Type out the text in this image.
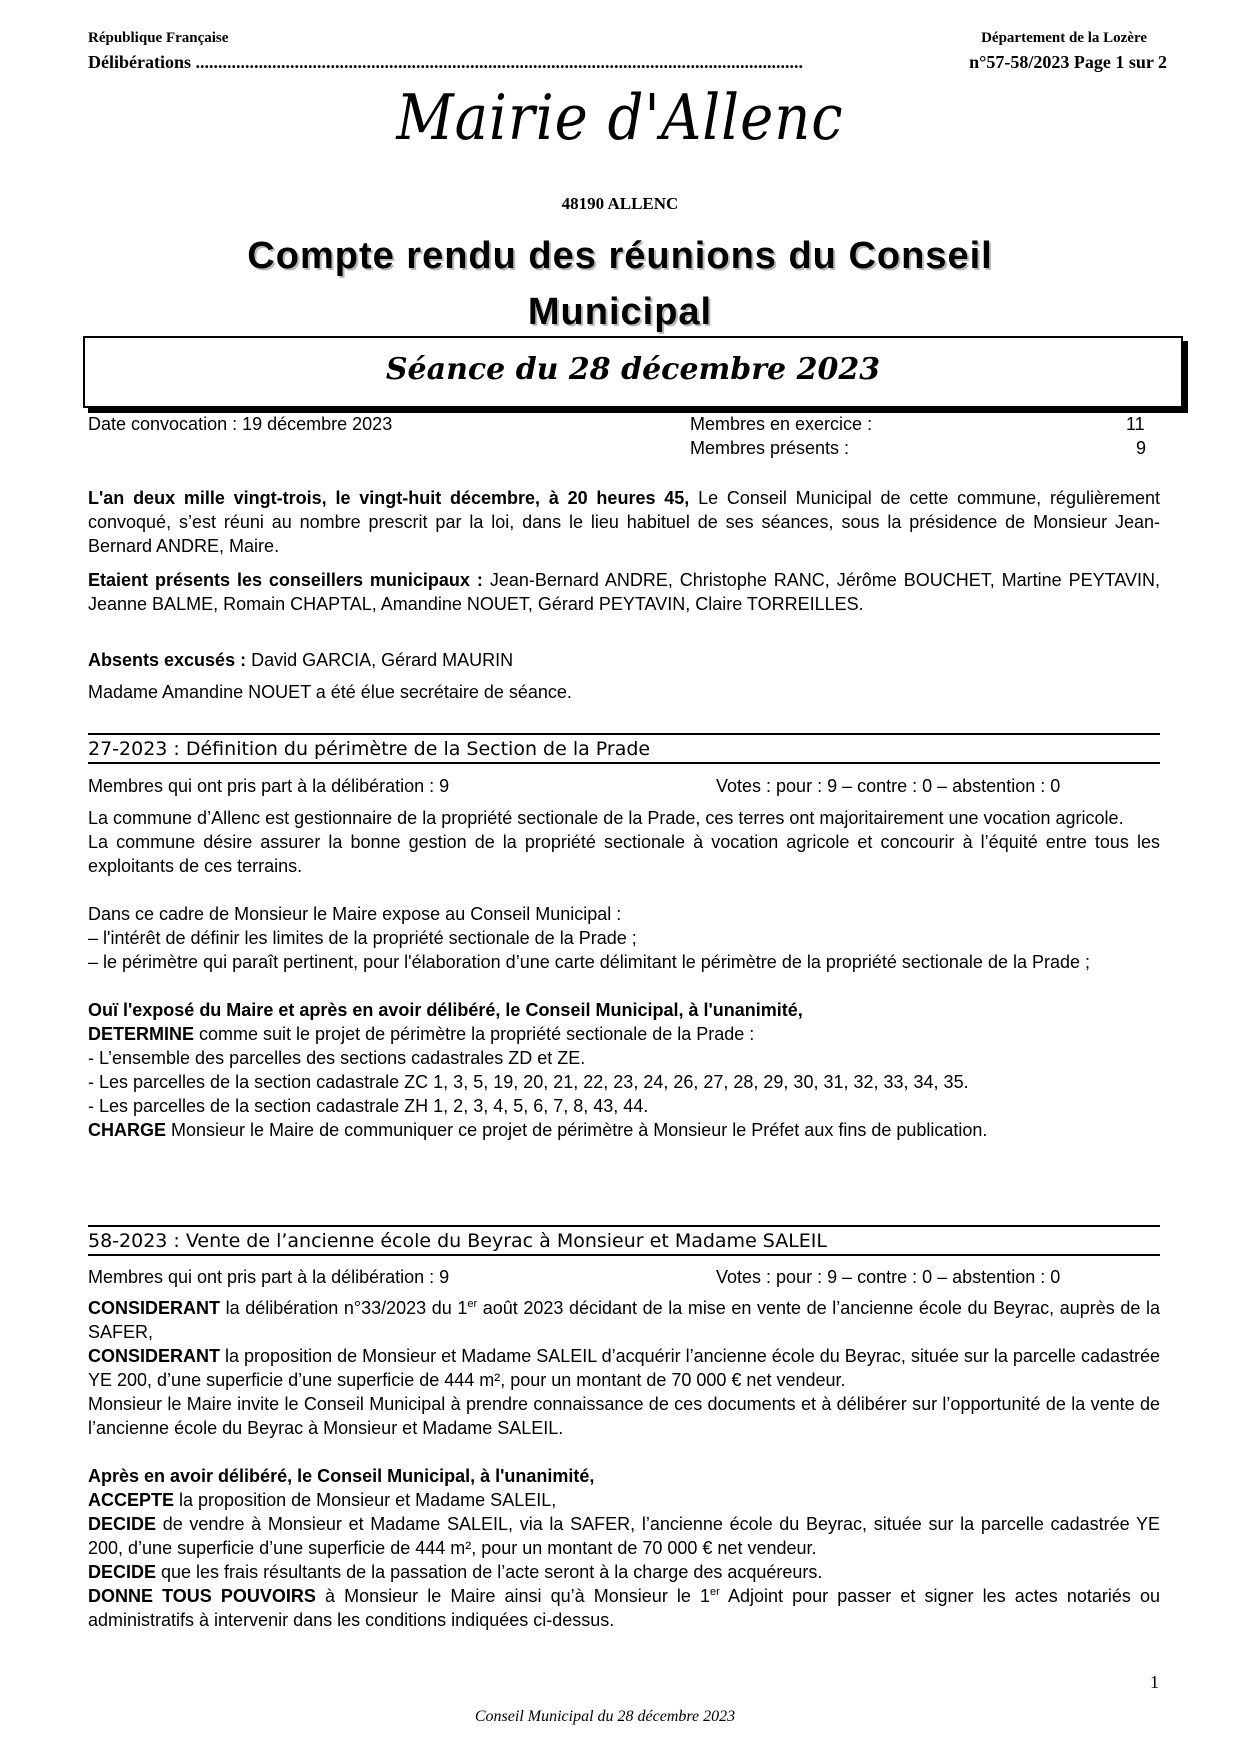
République Française	Département de la Lozère
Délibérations .......................................................................................................................................	n°57-58/2023 Page 1 sur 2
Mairie d'Allenc
48190 ALLENC
Compte rendu des réunions du Conseil
Municipal
Séance du 28 décembre 2023
Date convocation : 19 décembre 2023	Membres en exercice :	11
Membres présents :	9
L'an deux mille vingt-trois, le vingt-huit décembre, à 20 heures 45, Le Conseil Municipal de cette commune, régulièrement convoqué, s’est réuni au nombre prescrit par la loi, dans le lieu habituel de ses séances, sous la présidence de Monsieur Jean-Bernard ANDRE, Maire.
Etaient présents les conseillers municipaux : Jean-Bernard ANDRE, Christophe RANC, Jérôme BOUCHET, Martine PEYTAVIN, Jeanne BALME, Romain CHAPTAL, Amandine NOUET, Gérard PEYTAVIN, Claire TORREILLES.
Absents excusés : David GARCIA, Gérard MAURIN
Madame Amandine NOUET a été élue secrétaire de séance.
27-2023 : Définition du périmètre de la Section de la Prade
Membres qui ont pris part à la délibération : 9	Votes : pour : 9 – contre : 0 – abstention : 0
La commune d’Allenc est gestionnaire de la propriété sectionale de la Prade, ces terres ont majoritairement une vocation agricole.
La commune désire assurer la bonne gestion de la propriété sectionale à vocation agricole et concourir à l’équité entre tous les exploitants de ces terrains.
Dans ce cadre de Monsieur le Maire expose au Conseil Municipal :
– l'intérêt de définir les limites de la propriété sectionale de la Prade ;
– le périmètre qui paraît pertinent, pour l'élaboration d’une carte délimitant le périmètre de la propriété sectionale de la Prade ;
Ouï l'exposé du Maire et après en avoir délibéré, le Conseil Municipal, à l'unanimité,
DETERMINE comme suit le projet de périmètre la propriété sectionale de la Prade :
- L’ensemble des parcelles des sections cadastrales ZD et ZE.
- Les parcelles de la section cadastrale ZC 1, 3, 5, 19, 20, 21, 22, 23, 24, 26, 27, 28, 29, 30, 31, 32, 33, 34, 35.
- Les parcelles de la section cadastrale ZH 1, 2, 3, 4, 5, 6, 7, 8, 43, 44.
CHARGE Monsieur le Maire de communiquer ce projet de périmètre à Monsieur le Préfet aux fins de publication.
58-2023 : Vente de l’ancienne école du Beyrac à Monsieur et Madame SALEIL
Membres qui ont pris part à la délibération : 9	Votes : pour : 9 – contre : 0 – abstention : 0
CONSIDERANT la délibération n°33/2023 du 1er août 2023 décidant de la mise en vente de l’ancienne école du Beyrac, auprès de la SAFER,
CONSIDERANT la proposition de Monsieur et Madame SALEIL d’acquérir l’ancienne école du Beyrac, située sur la parcelle cadastrée YE 200, d’une superficie d’une superficie de 444 m², pour un montant de 70 000 € net vendeur.
Monsieur le Maire invite le Conseil Municipal à prendre connaissance de ces documents et à délibérer sur l’opportunité de la vente de l’ancienne école du Beyrac à Monsieur et Madame SALEIL.
Après en avoir délibéré, le Conseil Municipal, à l'unanimité,
ACCEPTE la proposition de Monsieur et Madame SALEIL,
DECIDE de vendre à Monsieur et Madame SALEIL, via la SAFER, l’ancienne école du Beyrac, située sur la parcelle cadastrée YE 200, d’une superficie d’une superficie de 444 m², pour un montant de 70 000 € net vendeur.
DECIDE que les frais résultants de la passation de l’acte seront à la charge des acquéreurs.
DONNE TOUS POUVOIRS à Monsieur le Maire ainsi qu’à Monsieur le 1er Adjoint pour passer et signer les actes notariés ou administratifs à intervenir dans les conditions indiquées ci-dessus.
1
Conseil Municipal du 28 décembre 2023
